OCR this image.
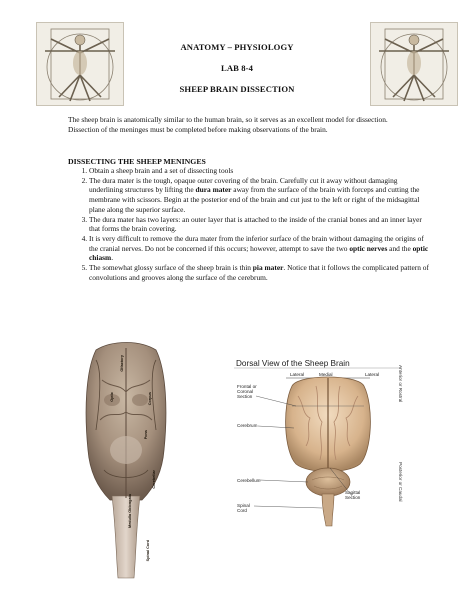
ANATOMY – PHYSIOLOGY
LAB 8-4
SHEEP BRAIN DISSECTION
The sheep brain is anatomically similar to the human brain, so it serves as an excellent model for dissection. Dissection of the meninges must be completed before making observations of the brain.
DISSECTING THE SHEEP MENINGES
1. Obtain a sheep brain and a set of dissecting tools
2. The dura mater is the tough, opaque outer covering of the brain. Carefully cut it away without damaging underlining structures by lifting the dura mater away from the surface of the brain with forceps and cutting the membrane with scissors. Begin at the posterior end of the brain and cut just to the left or right of the midsagittal plane along the superior surface.
3. The dura mater has two layers: an outer layer that is attached to the inside of the cranial bones and an inner layer that forms the brain covering.
4. It is very difficult to remove the dura mater from the inferior surface of the brain without damaging the origins of the cranial nerves. Do not be concerned if this occurs; however, attempt to save the two optic nerves and the optic chiasm.
5. The somewhat glossy surface of the sheep brain is thin pia mater. Notice that it follows the complicated pattern of convolutions and grooves along the surface of the cerebrum.
Olfactory
Optic	Corpus
Pons
Cerebellar
Spinal Cord
Medulla Oblongata
Dorsal View of the Sheep Brain
Lateral	Medial	Lateral
Frontal or Coronal Section
Cerebrum
Cerebellum
Spinal Cord
Sagittal Section
Anterior or Rostral
Posterior or Caudal
